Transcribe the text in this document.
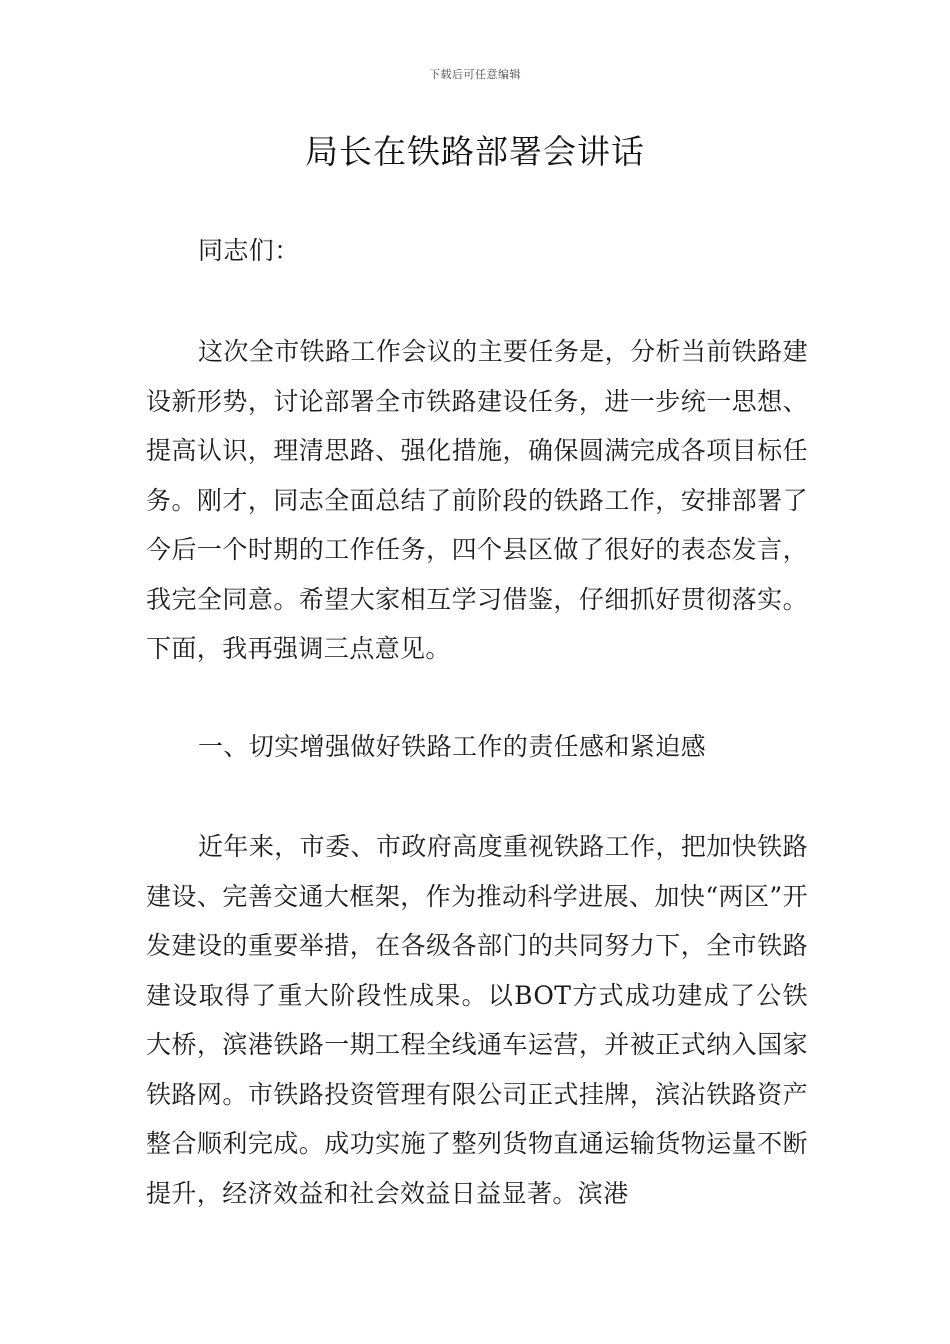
下载后可任意编辑
局长在铁路部署会讲话

同志们：

这次全市铁路工作会议的主要任务是，分析当前铁路建设新形势，讨论部署全市铁路建设任务，进一步统一思想、提高认识，理清思路、强化措施，确保圆满完成各项目标任务。刚才，同志全面总结了前阶段的铁路工作，安排部署了今后一个时期的工作任务，四个县区做了很好的表态发言，我完全同意。希望大家相互学习借鉴，仔细抓好贯彻落实。下面，我再强调三点意见。

一、切实增强做好铁路工作的责任感和紧迫感

近年来，市委、市政府高度重视铁路工作，把加快铁路建设、完善交通大框架，作为推动科学进展、加快“两区”开发建设的重要举措，在各级各部门的共同努力下，全市铁路建设取得了重大阶段性成果。以BOT方式成功建成了公铁大桥，滨港铁路一期工程全线通车运营，并被正式纳入国家铁路网。市铁路投资管理有限公司正式挂牌，滨沾铁路资产整合顺利完成。成功实施了整列货物直通运输货物运量不断提升，经济效益和社会效益日益显著。滨港
